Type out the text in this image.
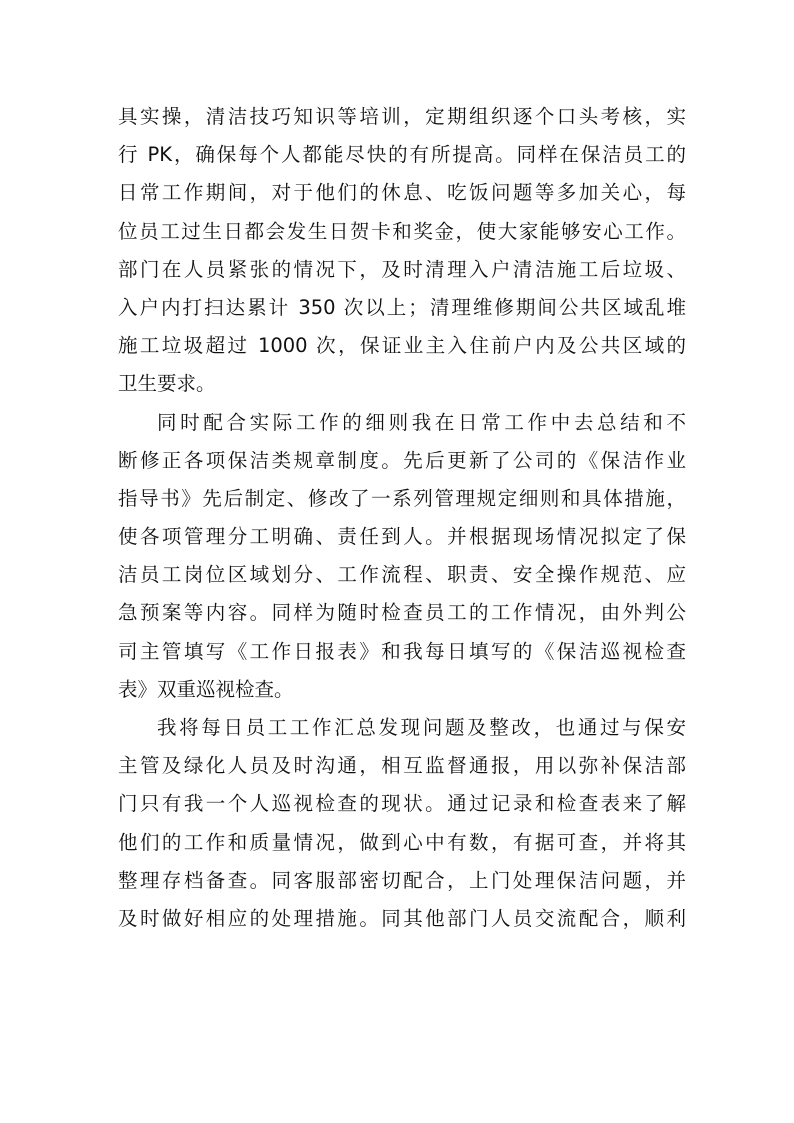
具实操，清洁技巧知识等培训，定期组织逐个口头考核，实
行 PK，确保每个人都能尽快的有所提高。同样在保洁员工的
日常工作期间，对于他们的休息、吃饭问题等多加关心，每
位员工过生日都会发生日贺卡和奖金，使大家能够安心工作。
部门在人员紧张的情况下，及时清理入户清洁施工后垃圾、
入户内打扫达累计 350 次以上；清理维修期间公共区域乱堆
施工垃圾超过 1000 次，保证业主入住前户内及公共区域的
卫生要求。
同时配合实际工作的细则我在日常工作中去总结和不
断修正各项保洁类规章制度。先后更新了公司的《保洁作业
指导书》先后制定、修改了一系列管理规定细则和具体措施，
使各项管理分工明确、责任到人。并根据现场情况拟定了保
洁员工岗位区域划分、工作流程、职责、安全操作规范、应
急预案等内容。同样为随时检查员工的工作情况，由外判公
司主管填写《工作日报表》和我每日填写的《保洁巡视检查
表》双重巡视检查。
我将每日员工工作汇总发现问题及整改，也通过与保安
主管及绿化人员及时沟通，相互监督通报，用以弥补保洁部
门只有我一个人巡视检查的现状。通过记录和检查表来了解
他们的工作和质量情况，做到心中有数，有据可查，并将其
整理存档备查。同客服部密切配合，上门处理保洁问题，并
及时做好相应的处理措施。同其他部门人员交流配合，顺利
